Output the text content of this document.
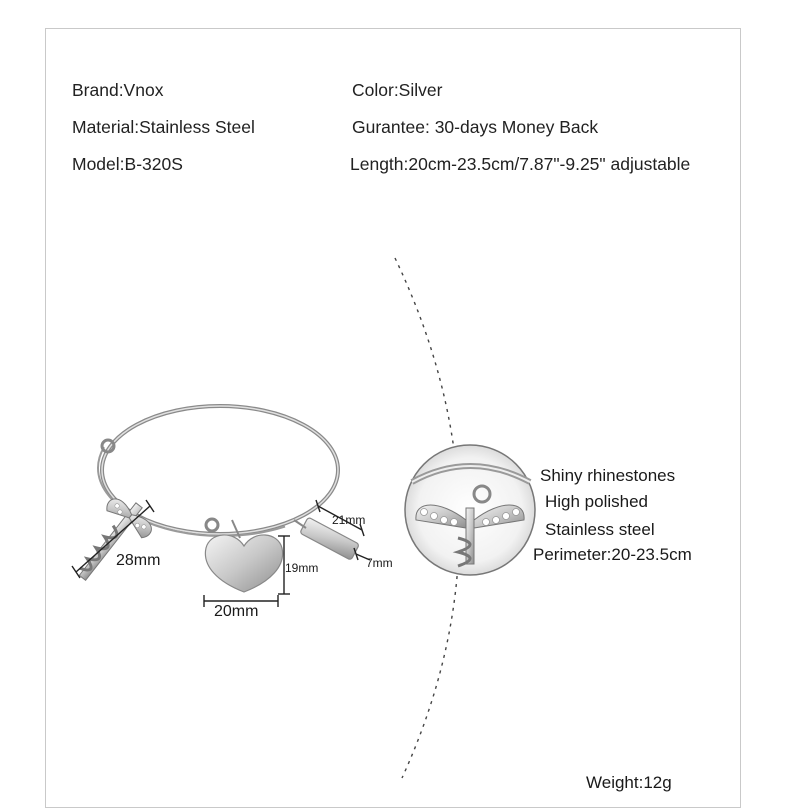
Brand:Vnox
Material:Stainless Steel
Model:B-320S
Color:Silver
Gurantee: 30-days Money Back
Length:20cm-23.5cm/7.87"-9.25" adjustable
28mm
21mm
7mm
19mm
20mm
Shiny rhinestones
High polished
Stainless steel
Perimeter:20-23.5cm
Weight:12g
